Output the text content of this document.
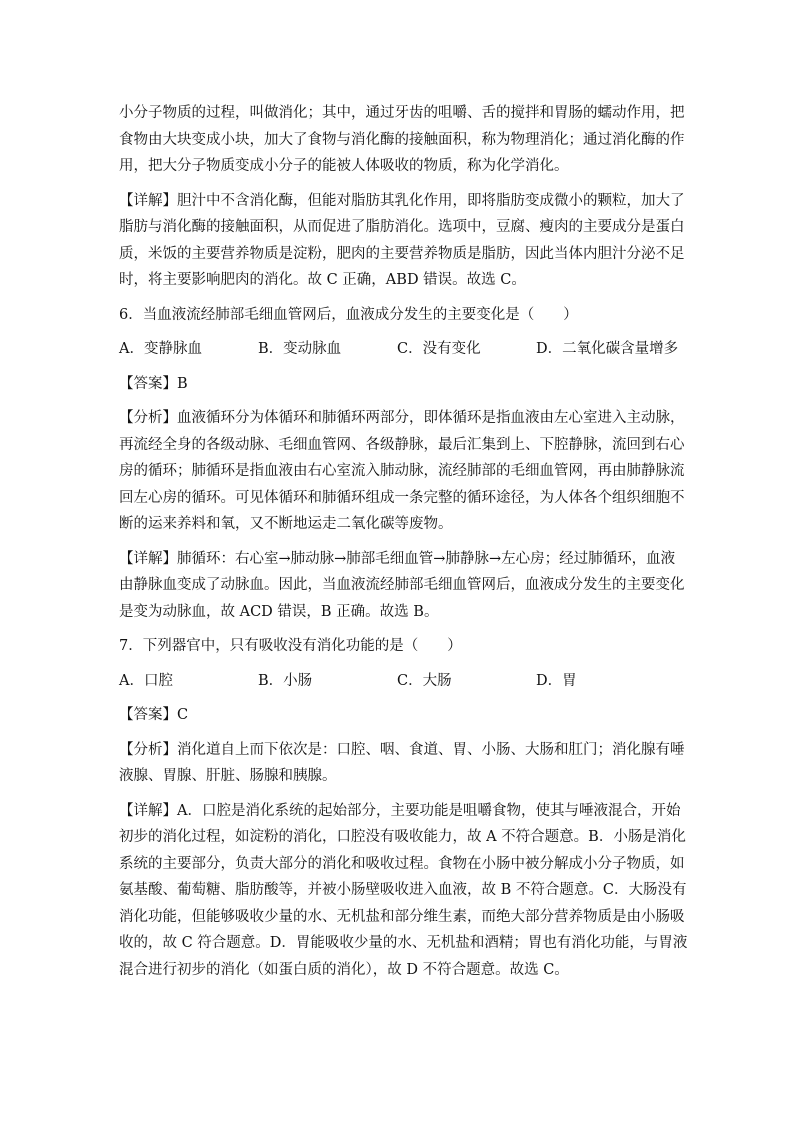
小分子物质的过程，叫做消化；其中，通过牙齿的咀嚼、舌的搅拌和胃肠的蠕动作用，把
食物由大块变成小块，加大了食物与消化酶的接触面积，称为物理消化；通过消化酶的作
用，把大分子物质变成小分子的能被人体吸收的物质，称为化学消化。
【详解】胆汁中不含消化酶，但能对脂肪其乳化作用，即将脂肪变成微小的颗粒，加大了
脂肪与消化酶的接触面积，从而促进了脂肪消化。选项中，豆腐、瘦肉的主要成分是蛋白
质，米饭的主要营养物质是淀粉，肥肉的主要营养物质是脂肪，因此当体内胆汁分泌不足
时，将主要影响肥肉的消化。故 C 正确，ABD 错误。故选 C。
6．当血液流经肺部毛细血管网后，血液成分发生的主要变化是（　　）
A．变静脉血	B．变动脉血	C．没有变化	D．二氧化碳含量增多
【答案】B
【分析】血液循环分为体循环和肺循环两部分，即体循环是指血液由左心室进入主动脉，
再流经全身的各级动脉、毛细血管网、各级静脉，最后汇集到上、下腔静脉，流回到右心
房的循环；肺循环是指血液由右心室流入肺动脉，流经肺部的毛细血管网，再由肺静脉流
回左心房的循环。可见体循环和肺循环组成一条完整的循环途径，为人体各个组织细胞不
断的运来养料和氧，又不断地运走二氧化碳等废物。
【详解】肺循环：右心室→肺动脉→肺部毛细血管→肺静脉→左心房；经过肺循环，血液
由静脉血变成了动脉血。因此，当血液流经肺部毛细血管网后，血液成分发生的主要变化
是变为动脉血，故 ACD 错误，B 正确。故选 B。
7．下列器官中，只有吸收没有消化功能的是（　　）
A．口腔	B．小肠	C．大肠	D．胃
【答案】C
【分析】消化道自上而下依次是：口腔、咽、食道、胃、小肠、大肠和肛门；消化腺有唾
液腺、胃腺、肝脏、肠腺和胰腺。
【详解】A．口腔是消化系统的起始部分，主要功能是咀嚼食物，使其与唾液混合，开始
初步的消化过程，如淀粉的消化，口腔没有吸收能力，故 A 不符合题意。B．小肠是消化
系统的主要部分，负责大部分的消化和吸收过程。食物在小肠中被分解成小分子物质，如
氨基酸、葡萄糖、脂肪酸等，并被小肠壁吸收进入血液，故 B 不符合题意。C．大肠没有
消化功能，但能够吸收少量的水、无机盐和部分维生素，而绝大部分营养物质是由小肠吸
收的，故 C 符合题意。D．胃能吸收少量的水、无机盐和酒精；胃也有消化功能，与胃液
混合进行初步的消化（如蛋白质的消化），故 D 不符合题意。故选 C。
